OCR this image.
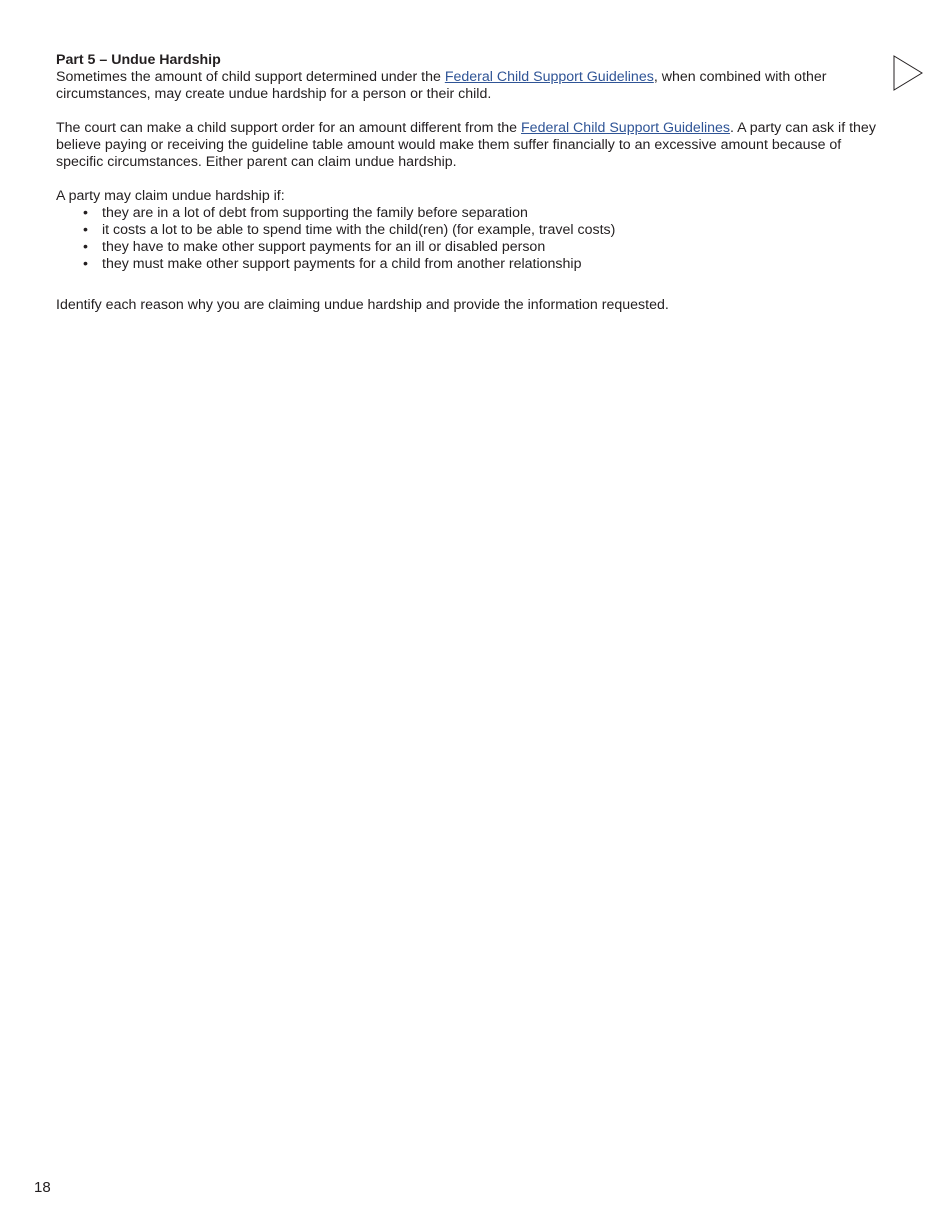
Part 5 – Undue Hardship

Sometimes the amount of child support determined under the Federal Child Support Guidelines, when combined with other circumstances, may create undue hardship for a person or their child.

The court can make a child support order for an amount different from the Federal Child Support Guidelines. A party can ask if they believe paying or receiving the guideline table amount would make them suffer financially to an excessive amount because of specific circumstances. Either parent can claim undue hardship.

A party may claim undue hardship if:

• they are in a lot of debt from supporting the family before separation
• it costs a lot to be able to spend time with the child(ren) (for example, travel costs)
• they have to make other support payments for an ill or disabled person
• they must make other support payments for a child from another relationship

Identify each reason why you are claiming undue hardship and provide the information requested.

18
